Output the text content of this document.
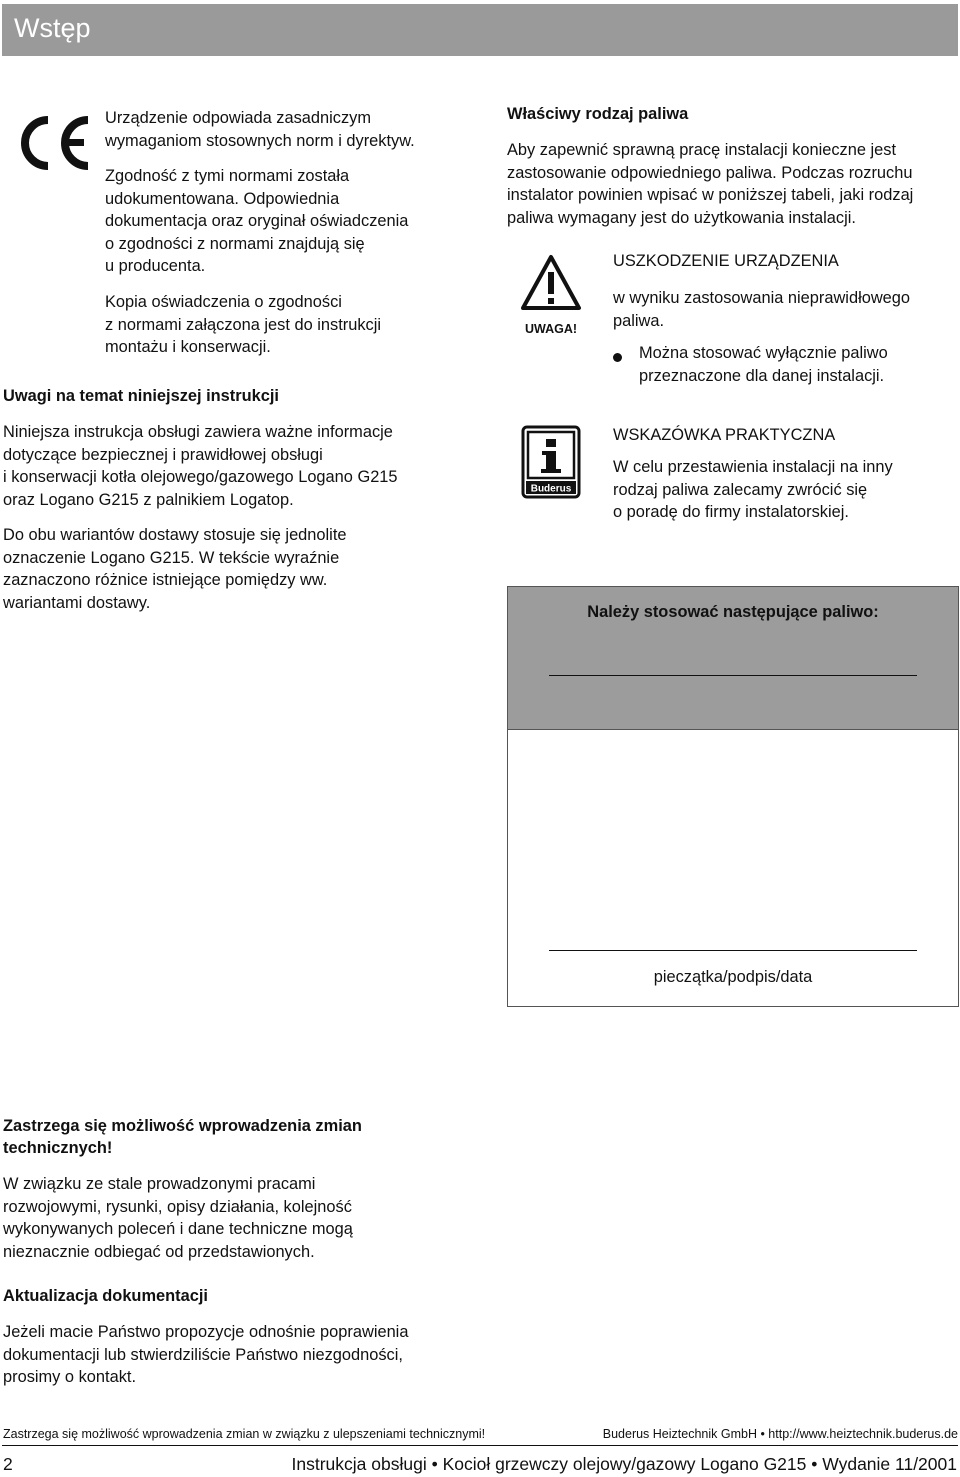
Wstęp

Urządzenie odpowiada zasadniczym

wymaganiom stosownych norm i dyrektyw.

Zgodność z tymi normami została

udokumentowana. Odpowiednia

dokumentacja oraz oryginał oświadczenia

o zgodności z normami znajdują się

u producenta.

Kopia oświadczenia o zgodności

z normami załączona jest do instrukcji

montażu i konserwacji.

Uwagi na temat niniejszej instrukcji

Niniejsza instrukcja obsługi zawiera ważne informacje

dotyczące bezpiecznej i prawidłowej obsługi

i konserwacji kotła olejowego/gazowego Logano G215

oraz Logano G215 z palnikiem Logatop.

Do obu wariantów dostawy stosuje się jednolite

oznaczenie Logano G215. W tekście wyraźnie

zaznaczono różnice istniejące pomiędzy ww.

wariantami dostawy.

Właściwy rodzaj paliwa

Aby zapewnić sprawną pracę instalacji konieczne jest

zastosowanie odpowiedniego paliwa. Podczas rozruchu

instalator powinien wpisać w poniższej tabeli, jaki rodzaj

paliwa wymagany jest do użytkowania instalacji.

UWAGA!

USZKODZENIE URZĄDZENIA

w wyniku zastosowania nieprawidłowego

paliwa.

Można stosować wyłącznie paliwo

przeznaczone dla danej instalacji.

Buderus

WSKAZÓWKA PRAKTYCZNA

W celu przestawienia instalacji na inny

rodzaj paliwa zalecamy zwrócić się

o poradę do firmy instalatorskiej.

Należy stosować następujące paliwo:

pieczątka/podpis/data

Zastrzega się możliwość wprowadzenia zmian

technicznych!

W związku ze stale prowadzonymi pracami

rozwojowymi, rysunki, opisy działania, kolejność

wykonywanych poleceń i dane techniczne mogą

nieznacznie odbiegać od przedstawionych.

Aktualizacja dokumentacji

Jeżeli macie Państwo propozycje odnośnie poprawienia

dokumentacji lub stwierdziliście Państwo niezgodności,

prosimy o kontakt.

Zastrzega się możliwość wprowadzenia zmian w związku z ulepszeniami technicznymi!	Buderus Heiztechnik GmbH • http://www.heiztechnik.buderus.de
2	Instrukcja obsługi • Kocioł grzewczy olejowy/gazowy Logano G215 • Wydanie 11/2001
